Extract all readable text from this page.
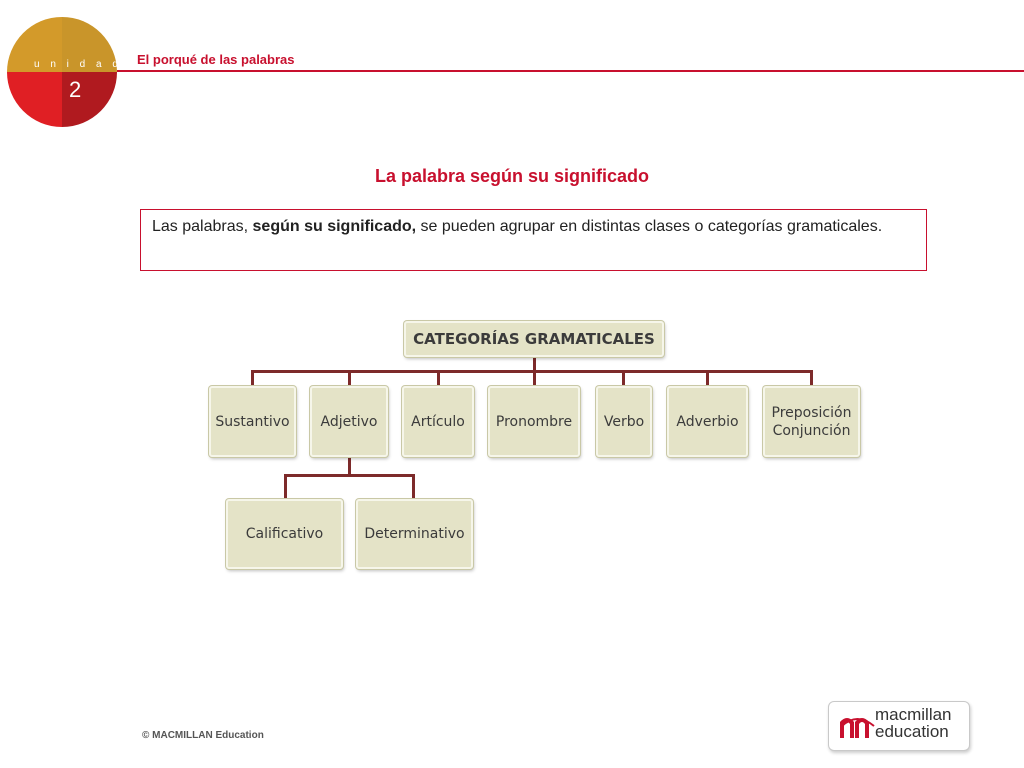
u n i d a d
2
El porqué de las palabras
La palabra según su significado
Las palabras, según su significado, se pueden agrupar en distintas clases o categorías gramaticales.
CATEGORÍAS GRAMATICALES
Sustantivo	Adjetivo	Artículo	Pronombre	Verbo	Adverbio
Preposición
Conjunción
Calificativo	Determinativo
© MACMILLAN Education
macmillan
education
